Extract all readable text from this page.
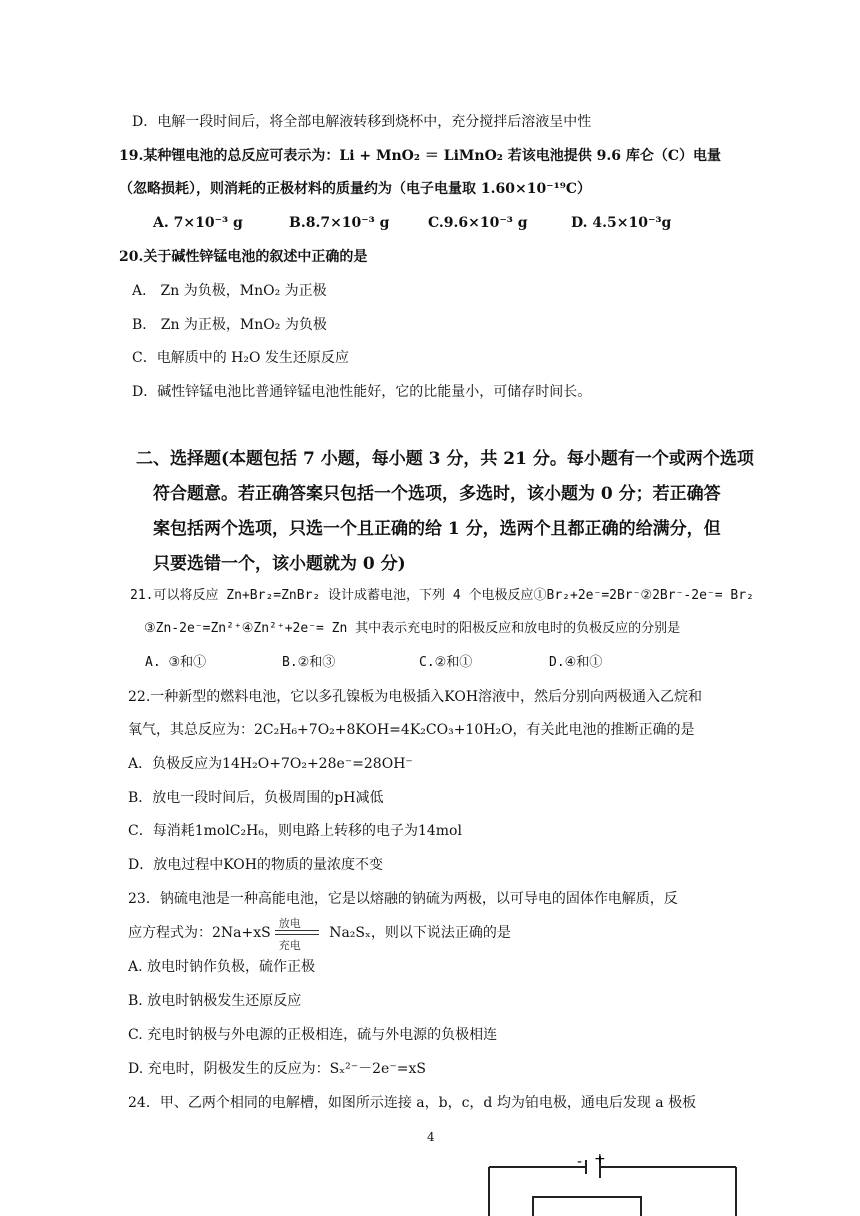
D．电解一段时间后，将全部电解液转移到烧杯中，充分搅拌后溶液呈中性
19.某种锂电池的总反应可表示为：Li + MnO₂ ＝ LiMnO₂ 若该电池提供 9.6 库仑（C）电量
（忽略损耗），则消耗的正极材料的质量约为（电子电量取 1.60×10⁻¹⁹C）
A. 7×10⁻³ g	B.8.7×10⁻³ g	C.9.6×10⁻³ g	D. 4.5×10⁻³g
20.关于碱性锌锰电池的叙述中正确的是
A． Zn 为负极，MnO₂ 为正极
B． Zn 为正极，MnO₂ 为负极
C．电解质中的 H₂O 发生还原反应
D．碱性锌锰电池比普通锌锰电池性能好，它的比能量小，可储存时间长。
二、选择题(本题包括 7 小题，每小题 3 分，共 21 分。每小题有一个或两个选项
符合题意。若正确答案只包括一个选项，多选时，该小题为 0 分；若正确答
案包括两个选项，只选一个且正确的给 1 分，选两个且都正确的给满分，但
只要选错一个，该小题就为 0 分)
21.可以将反应 Zn+Br₂=ZnBr₂ 设计成蓄电池，下列 4 个电极反应①Br₂+2e⁻=2Br⁻②2Br⁻-2e⁻= Br₂
③Zn-2e⁻=Zn²⁺④Zn²⁺+2e⁻= Zn 其中表示充电时的阳极反应和放电时的负极反应的分别是
A. ③和①	B.②和③	C.②和①	D.④和①
22.一种新型的燃料电池，它以多孔镍板为电极插入KOH溶液中，然后分别向两极通入乙烷和
氧气，其总反应为：2C₂H₆+7O₂+8KOH=4K₂CO₃+10H₂O，有关此电池的推断正确的是
A．负极反应为14H₂O+7O₂+28e⁻=28OH⁻
B．放电一段时间后，负极周围的pH减低
C．每消耗1molC₂H₆，则电路上转移的电子为14mol
D．放电过程中KOH的物质的量浓度不变
23．钠硫电池是一种高能电池，它是以熔融的钠硫为两极，以可导电的固体作电解质，反
应方程式为：2Na+xS
放电
充电
Na₂Sₓ，则以下说法正确的是
A. 放电时钠作负极，硫作正极
B. 放电时钠极发生还原反应
C. 充电时钠极与外电源的正极相连，硫与外电源的负极相连
D. 充电时，阴极发生的反应为：Sₓ²⁻－2e⁻=xS
24．甲、乙两个相同的电解槽，如图所示连接 a，b，c，d 均为铂电极，通电后发现 a 极板
4
- +
